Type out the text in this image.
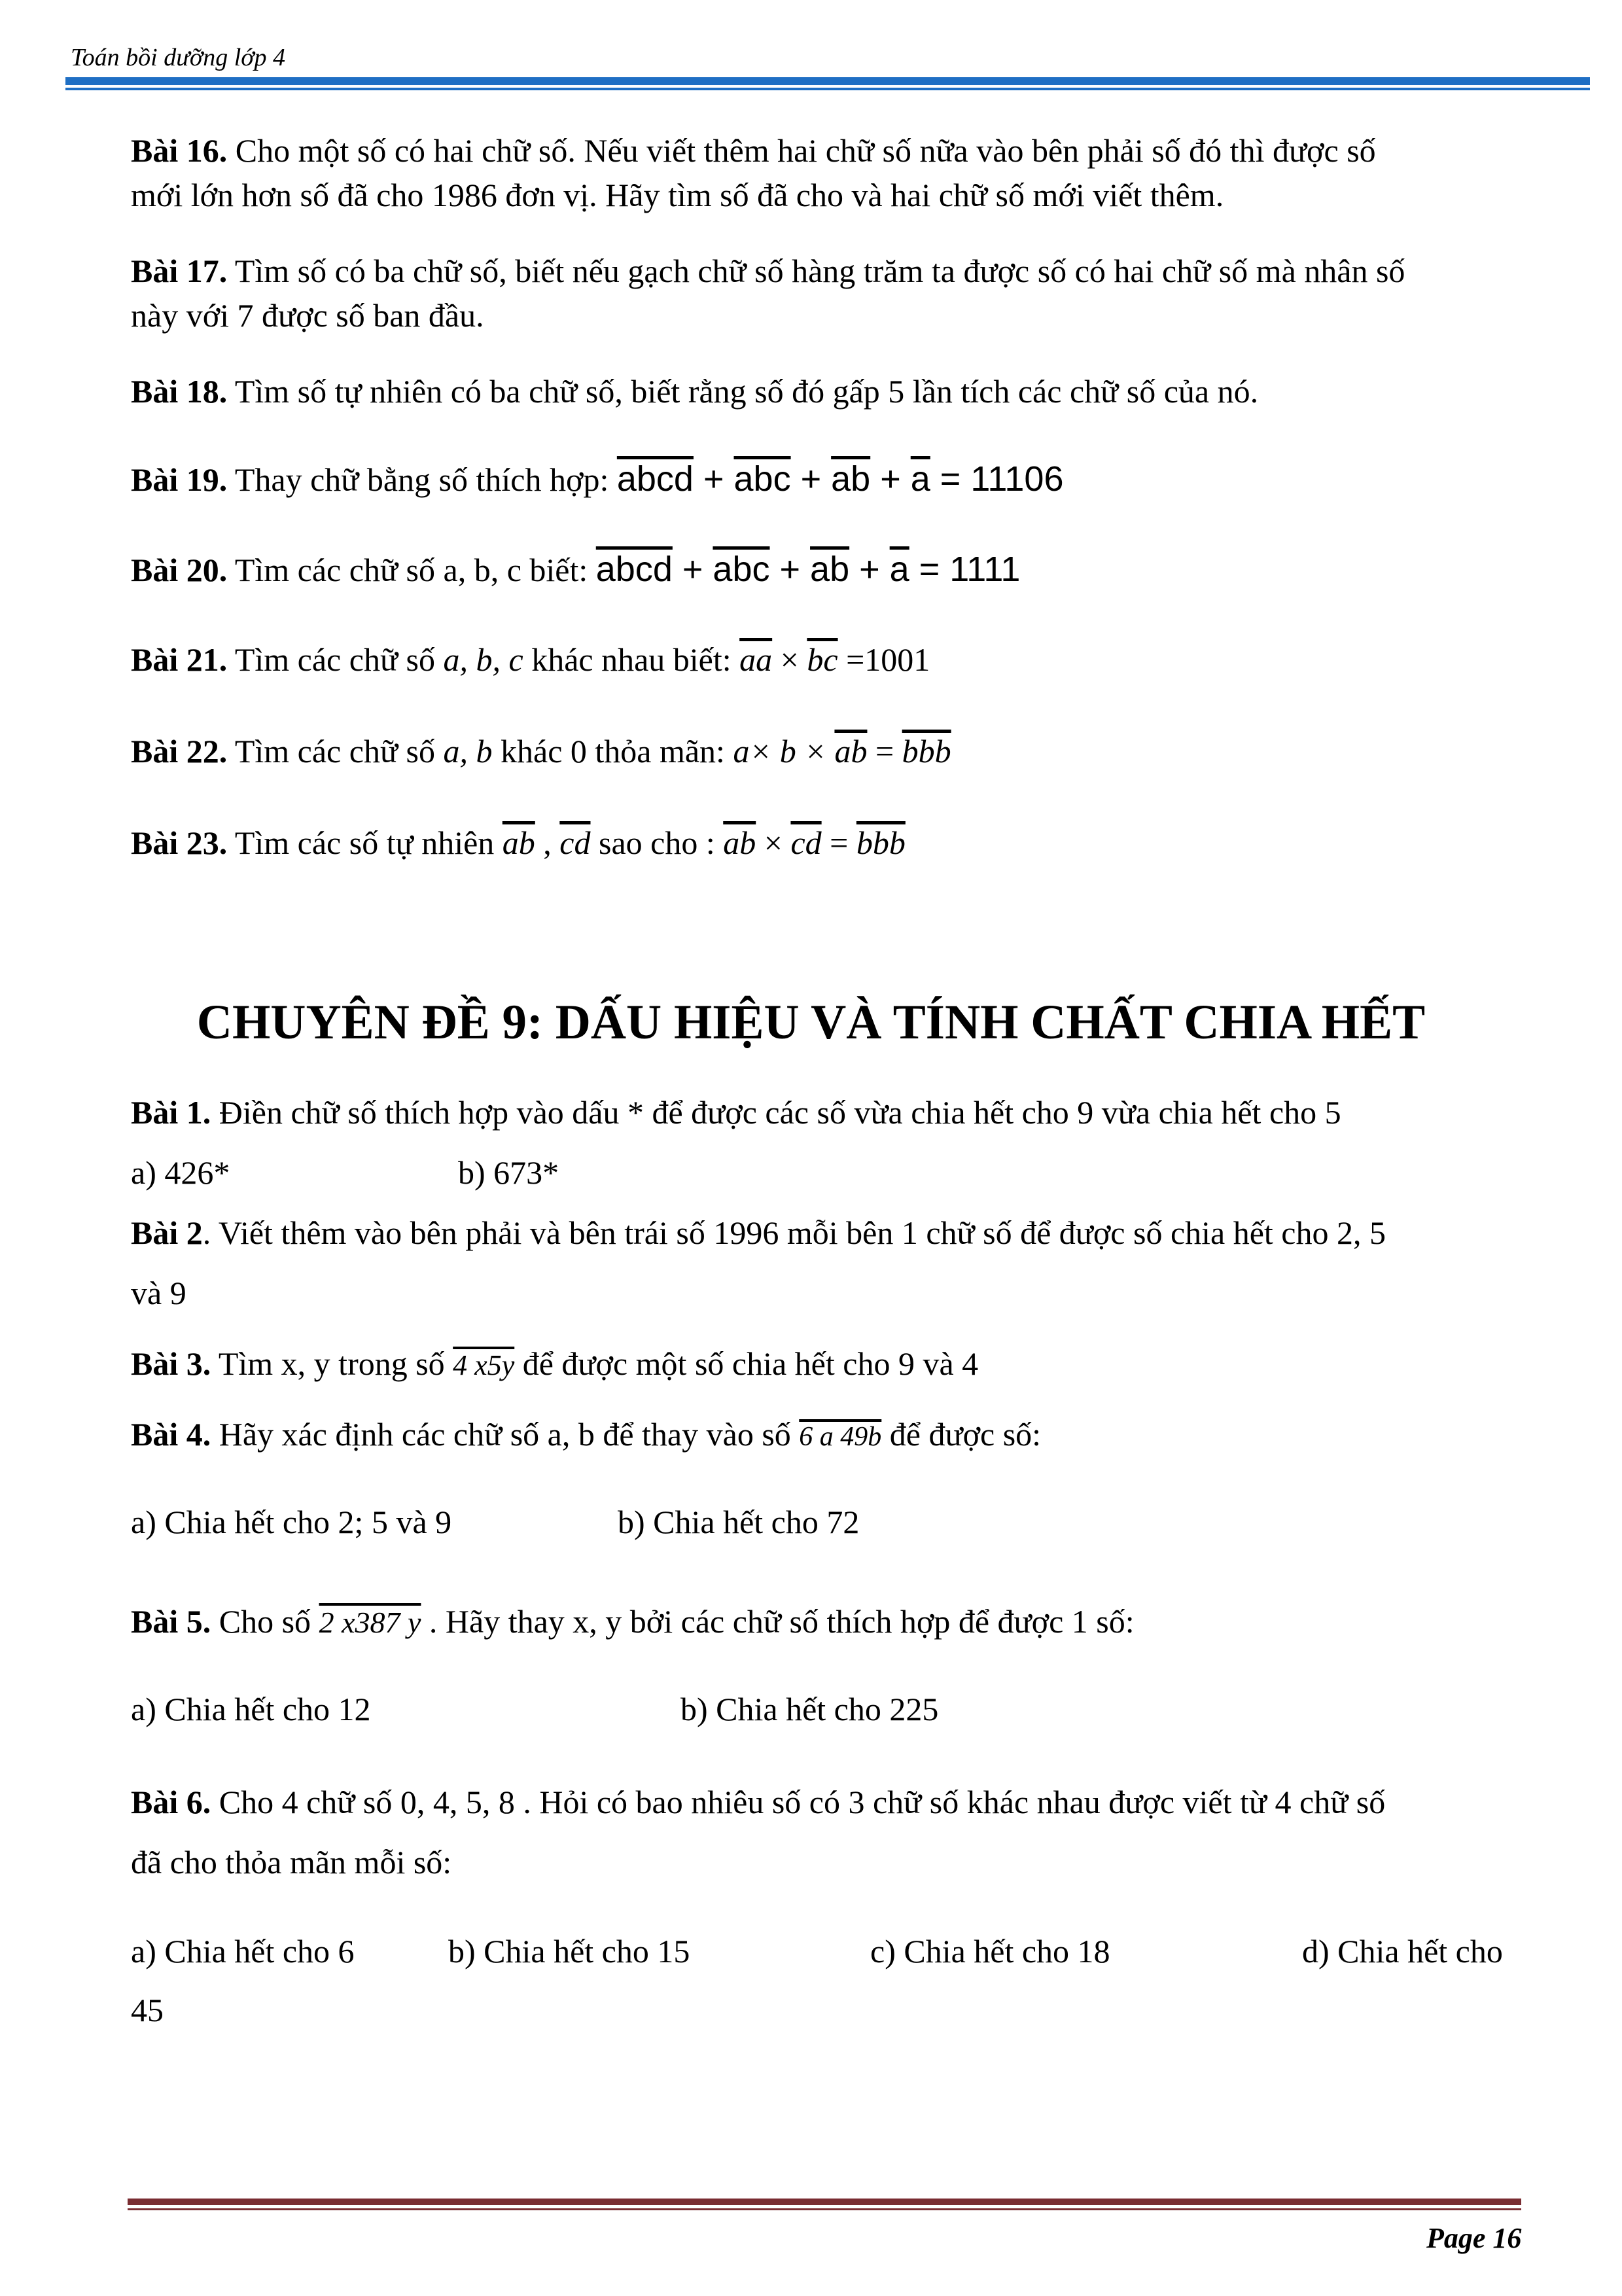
Toán bồi dưỡng lớp 4
Bài 16. Cho một số có hai chữ số. Nếu viết thêm hai chữ số nữa vào bên phải số đó thì được số
mới lớn hơn số đã cho 1986 đơn vị. Hãy tìm số đã cho và hai chữ số mới viết thêm.
Bài 17. Tìm số có ba chữ số, biết nếu gạch chữ số hàng trăm ta được số có hai chữ số mà nhân số
này với 7 được số ban đầu.
Bài 18. Tìm số tự nhiên có ba chữ số, biết rằng số đó gấp 5 lần tích các chữ số của nó.
Bài 19. Thay chữ bằng số thích hợp: abcd + $\overline{abc} + \overline{ab} + \overline{a} = 11106$
Bài 20. Tìm các chữ số a, b, c biết: abcd + $\overline{abc} + \overline{ab} + \overline{a} = 1111$
Bài 21. Tìm các chữ số a, b, c khác nhau biết: $\overline{aa} \times \overline{bc} =1001$
Bài 22. Tìm các chữ số a, b khác 0 thỏa mãn: $a\times b \times \overline{ab} = \overline{bbb}$
Bài 23. Tìm các số tự nhiên $\overline{ab}$ , $\overline{cd}$ sao cho : $\overline{ab} \times \overline{cd} = \overline{bbb}$
CHUYÊN ĐỀ 9: DẤU HIỆU VÀ TÍNH CHẤT CHIA HẾT
Bài 1. Điền chữ số thích hợp vào dấu * để được các số vừa chia hết cho 9 vừa chia hết cho 5
a) 426*	b) 673*
Bài 2. Viết thêm vào bên phải và bên trái số 1996 mỗi bên 1 chữ số để được số chia hết cho 2, 5
và 9
Bài 3. Tìm x, y trong số 4 x5y để được một số chia hết cho 9 và 4
Bài 4. Hãy xác định các chữ số a, b để thay vào số 6 a 49b để được số:
a) Chia hết cho 2; 5 và 9	b) Chia hết cho 72
Bài 5. Cho số 2 x387 y . Hãy thay x, y bởi các chữ số thích hợp để được 1 số:
a) Chia hết cho 12	b) Chia hết cho 225
Bài 6. Cho 4 chữ số 0, 4, 5, 8 . Hỏi có bao nhiêu số có 3 chữ số khác nhau được viết từ 4 chữ số
đã cho thỏa mãn mỗi số:
a) Chia hết cho 6	b) Chia hết cho 15	c) Chia hết cho 18	d) Chia hết cho
45
Page 16
